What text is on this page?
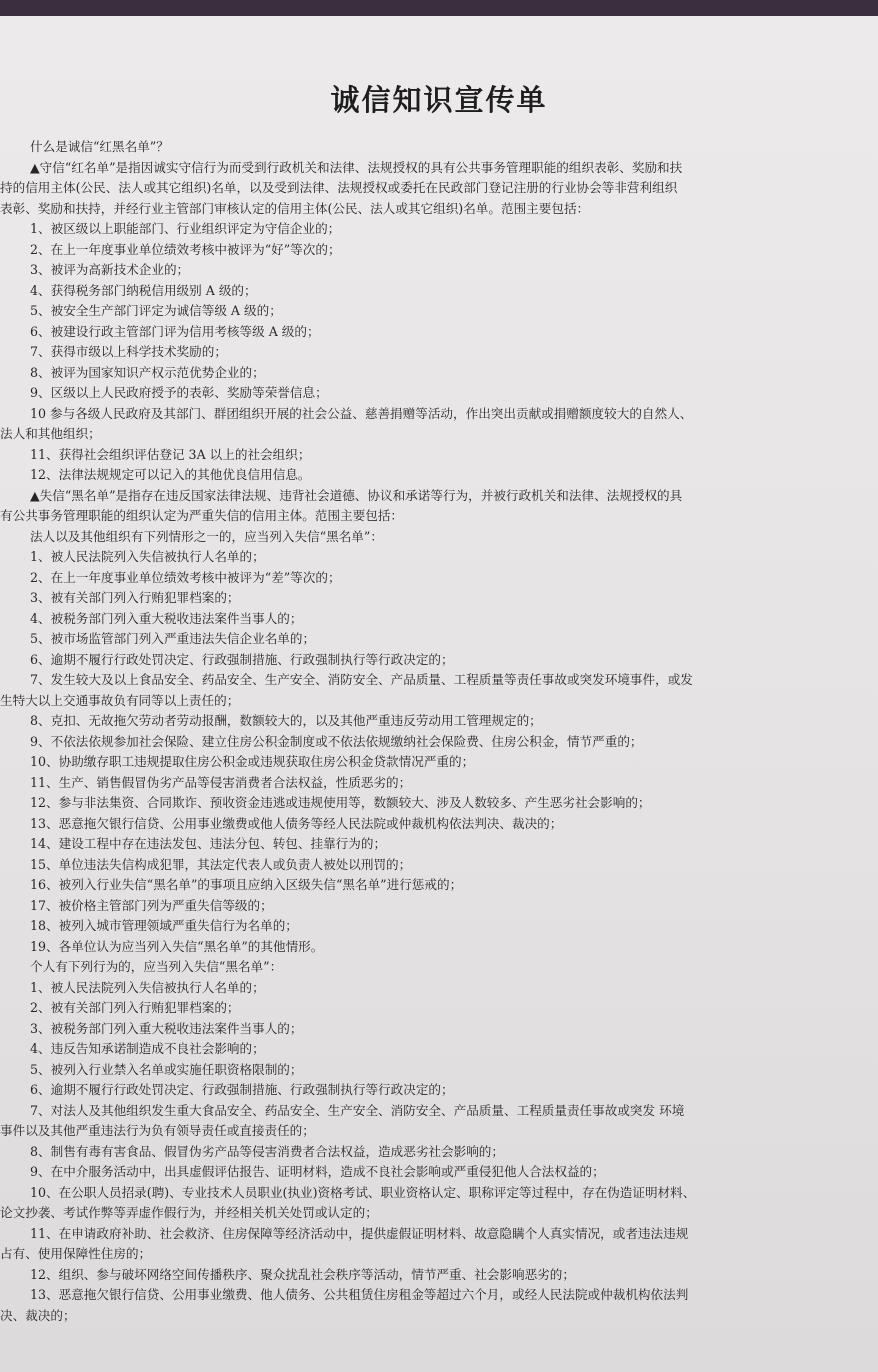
诚信知识宣传单
什么是诚信“红黑名单”？
▲守信“红名单”是指因诚实守信行为而受到行政机关和法律、法规授权的具有公共事务管理职能的组织表彰、奖励和扶
持的信用主体(公民、法人或其它组织)名单，以及受到法律、法规授权或委托在民政部门登记注册的行业协会等非营利组织
表彰、奖励和扶持，并经行业主管部门审核认定的信用主体(公民、法人或其它组织)名单。范围主要包括：
1、被区级以上职能部门、行业组织评定为守信企业的；
2、在上一年度事业单位绩效考核中被评为“好”等次的；
3、被评为高新技术企业的；
4、获得税务部门纳税信用级别 A 级的；
5、被安全生产部门评定为诚信等级 A 级的；
6、被建设行政主管部门评为信用考核等级 A 级的；
7、获得市级以上科学技术奖励的；
8、被评为国家知识产权示范优势企业的；
9、区级以上人民政府授予的表彰、奖励等荣誉信息；
10 参与各级人民政府及其部门、群团组织开展的社会公益、慈善捐赠等活动，作出突出贡献或捐赠额度较大的自然人、
法人和其他组织；
11、获得社会组织评估登记 3A 以上的社会组织；
12、法律法规规定可以记入的其他优良信用信息。
▲失信“黑名单”是指存在违反国家法律法规、违背社会道德、协议和承诺等行为，并被行政机关和法律、法规授权的具
有公共事务管理职能的组织认定为严重失信的信用主体。范围主要包括：
法人以及其他组织有下列情形之一的，应当列入失信“黑名单”：
1、被人民法院列入失信被执行人名单的；
2、在上一年度事业单位绩效考核中被评为“差”等次的；
3、被有关部门列入行贿犯罪档案的；
4、被税务部门列入重大税收违法案件当事人的；
5、被市场监管部门列入严重违法失信企业名单的；
6、逾期不履行行政处罚决定、行政强制措施、行政强制执行等行政决定的；
7、发生较大及以上食品安全、药品安全、生产安全、消防安全、产品质量、工程质量等责任事故或突发环境事件，或发
生特大以上交通事故负有同等以上责任的；
8、克扣、无故拖欠劳动者劳动报酬，数额较大的，以及其他严重违反劳动用工管理规定的；
9、不依法依规参加社会保险、建立住房公积金制度或不依法依规缴纳社会保险费、住房公积金，情节严重的；
10、协助缴存职工违规提取住房公积金或违规获取住房公积金贷款情况严重的；
11、生产、销售假冒伪劣产品等侵害消费者合法权益，性质恶劣的；
12、参与非法集资、合同欺诈、预收资金违逃或违规使用等，数额较大、涉及人数较多、产生恶劣社会影响的；
13、恶意拖欠银行信贷、公用事业缴费或他人债务等经人民法院或仲裁机构依法判决、裁决的；
14、建设工程中存在违法发包、违法分包、转包、挂靠行为的；
15、单位违法失信构成犯罪，其法定代表人或负责人被处以刑罚的；
16、被列入行业失信“黑名单”的事项且应纳入区级失信“黑名单”进行惩戒的；
17、被价格主管部门列为严重失信等级的；
18、被列入城市管理领域严重失信行为名单的；
19、各单位认为应当列入失信“黑名单”的其他情形。
个人有下列行为的，应当列入失信“黑名单”：
1、被人民法院列入失信被执行人名单的；
2、被有关部门列入行贿犯罪档案的；
3、被税务部门列入重大税收违法案件当事人的；
4、违反告知承诺制造成不良社会影响的；
5、被列入行业禁入名单或实施任职资格限制的；
6、逾期不履行行政处罚决定、行政强制措施、行政强制执行等行政决定的；
7、对法人及其他组织发生重大食品安全、药品安全、生产安全、消防安全、产品质量、工程质量责任事故或突发 环境
事件以及其他严重违法行为负有领导责任或直接责任的；
8、制售有毒有害食品、假冒伪劣产品等侵害消费者合法权益，造成恶劣社会影响的；
9、在中介服务活动中，出具虚假评估报告、证明材料，造成不良社会影响或严重侵犯他人合法权益的；
10、在公职人员招录(聘)、专业技术人员职业(执业)资格考试、职业资格认定、职称评定等过程中，存在伪造证明材料、
论文抄袭、考试作弊等弄虚作假行为，并经相关机关处罚或认定的；
11、在申请政府补助、社会救济、住房保障等经济活动中，提供虚假证明材料、故意隐瞒个人真实情况，或者违法违规
占有、使用保障性住房的；
12、组织、参与破坏网络空间传播秩序、聚众扰乱社会秩序等活动，情节严重、社会影响恶劣的；
13、恶意拖欠银行信贷、公用事业缴费、他人债务、公共租赁住房租金等超过六个月，或经人民法院或仲裁机构依法判
决、裁决的；
